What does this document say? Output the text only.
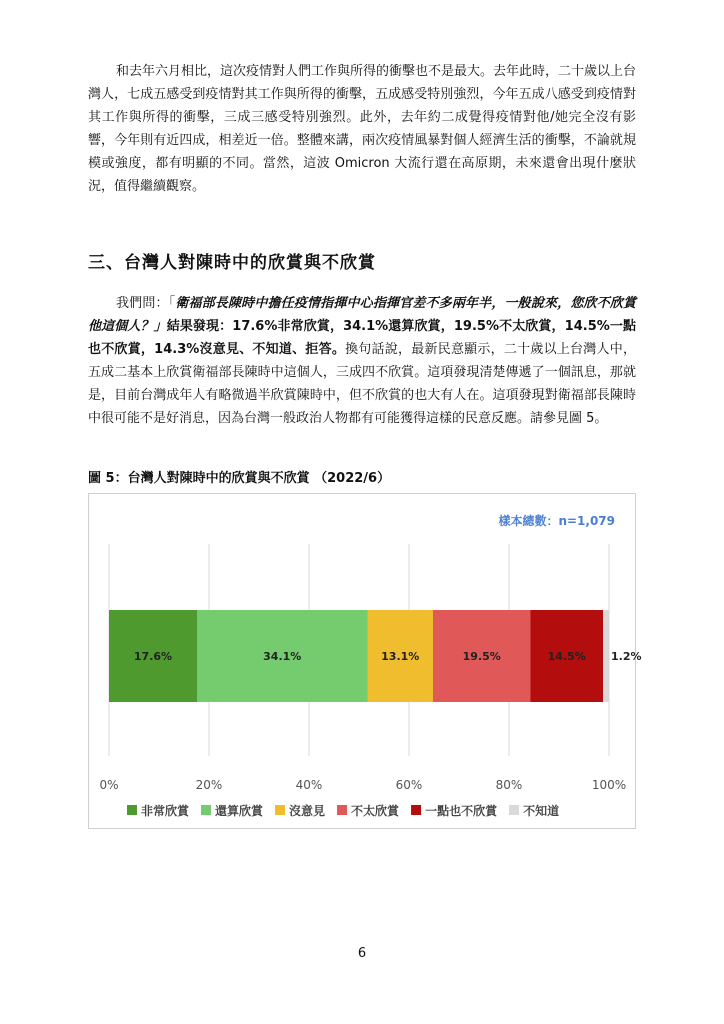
和去年六月相比，這次疫情對人們工作與所得的衝擊也不是最大。去年此時，二十歲以上台灣人，七成五感受到疫情對其工作與所得的衝擊，五成感受特別強烈，今年五成八感受到疫情對其工作與所得的衝擊，三成三感受特別強烈。此外，去年約二成覺得疫情對他/她完全沒有影響，今年則有近四成，相差近一倍。整體來講，兩次疫情風暴對個人經濟生活的衝擊，不論就規模或強度，都有明顯的不同。當然，這波 Omicron 大流行還在高原期，未來還會出現什麼狀況，值得繼續觀察。

三、台灣人對陳時中的欣賞與不欣賞

我們問：「衛福部長陳時中擔任疫情指揮中心指揮官差不多兩年半，一般說來，您欣不欣賞他這個人？」結果發現：17.6%非常欣賞，34.1%還算欣賞，19.5%不太欣賞，14.5%一點也不欣賞，14.3%沒意見、不知道、拒答。換句話說，最新民意顯示，二十歲以上台灣人中，五成二基本上欣賞衛福部長陳時中這個人，三成四不欣賞。這項發現清楚傳遞了一個訊息，那就是，目前台灣成年人有略微過半欣賞陳時中，但不欣賞的也大有人在。這項發現對衛福部長陳時中很可能不是好消息，因為台灣一般政治人物都有可能獲得這樣的民意反應。請參見圖 5。

圖 5：台灣人對陳時中的欣賞與不欣賞 （2022/6）

樣本總數：n=1,079
0%	20%	40%	60%	80%	100%
17.6%	34.1%	13.1%	19.5%	14.5% 1.2%
非常欣賞 還算欣賞 沒意見 不太欣賞 一點也不欣賞 不知道

6
